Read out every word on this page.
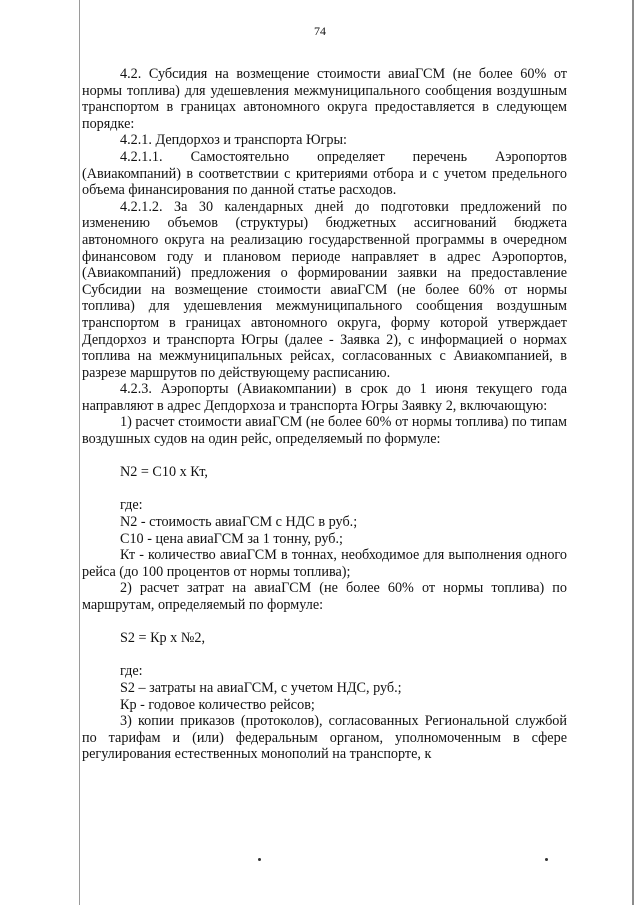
74

4.2. Субсидия на возмещение стоимости авиаГСМ (не более 60% от нормы топлива) для удешевления межмуниципального сообщения воздушным транспортом в границах автономного округа предоставляется в следующем порядке:

4.2.1. Депдорхоз и транспорта Югры:

4.2.1.1. Самостоятельно определяет перечень Аэропортов (Авиакомпаний) в соответствии с критериями отбора и с учетом предельного объема финансирования по данной статье расходов.

4.2.1.2. За 30 календарных дней до подготовки предложений по изменению объемов (структуры) бюджетных ассигнований бюджета автономного округа на реализацию государственной программы в очередном финансовом году и плановом периоде направляет в адрес Аэропортов, (Авиакомпаний) предложения о формировании заявки на предоставление Субсидии на возмещение стоимости авиаГСМ (не более 60% от нормы топлива) для удешевления межмуниципального сообщения воздушным транспортом в границах автономного округа, форму которой утверждает Депдорхоз и транспорта Югры (далее - Заявка 2), с информацией о нормах топлива на межмуниципальных рейсах, согласованных с Авиакомпанией, в разрезе маршрутов по действующему расписанию.

4.2.3. Аэропорты (Авиакомпании) в срок до 1 июня текущего года направляют в адрес Депдорхоза и транспорта Югры Заявку 2, включающую:

1) расчет стоимости авиаГСМ (не более 60% от нормы топлива) по типам воздушных судов на один рейс, определяемый по формуле:

N2 = С10 х Кт,

где:

N2 - стоимость авиаГСМ с НДС в руб.;

С10 - цена авиаГСМ за 1 тонну, руб.;

Кт - количество авиаГСМ в тоннах, необходимое для выполнения одного рейса (до 100 процентов от нормы топлива);

2) расчет затрат на авиаГСМ (не более 60% от нормы топлива) по маршрутам, определяемый по формуле:

S2 = Кр х №2,

где:

S2 – затраты на авиаГСМ, с учетом НДС, руб.;

Кр - годовое количество рейсов;

3) копии приказов (протоколов), согласованных Региональной службой по тарифам и (или) федеральным органом, уполномоченным в сфере регулирования естественных монополий на транспорте, к
